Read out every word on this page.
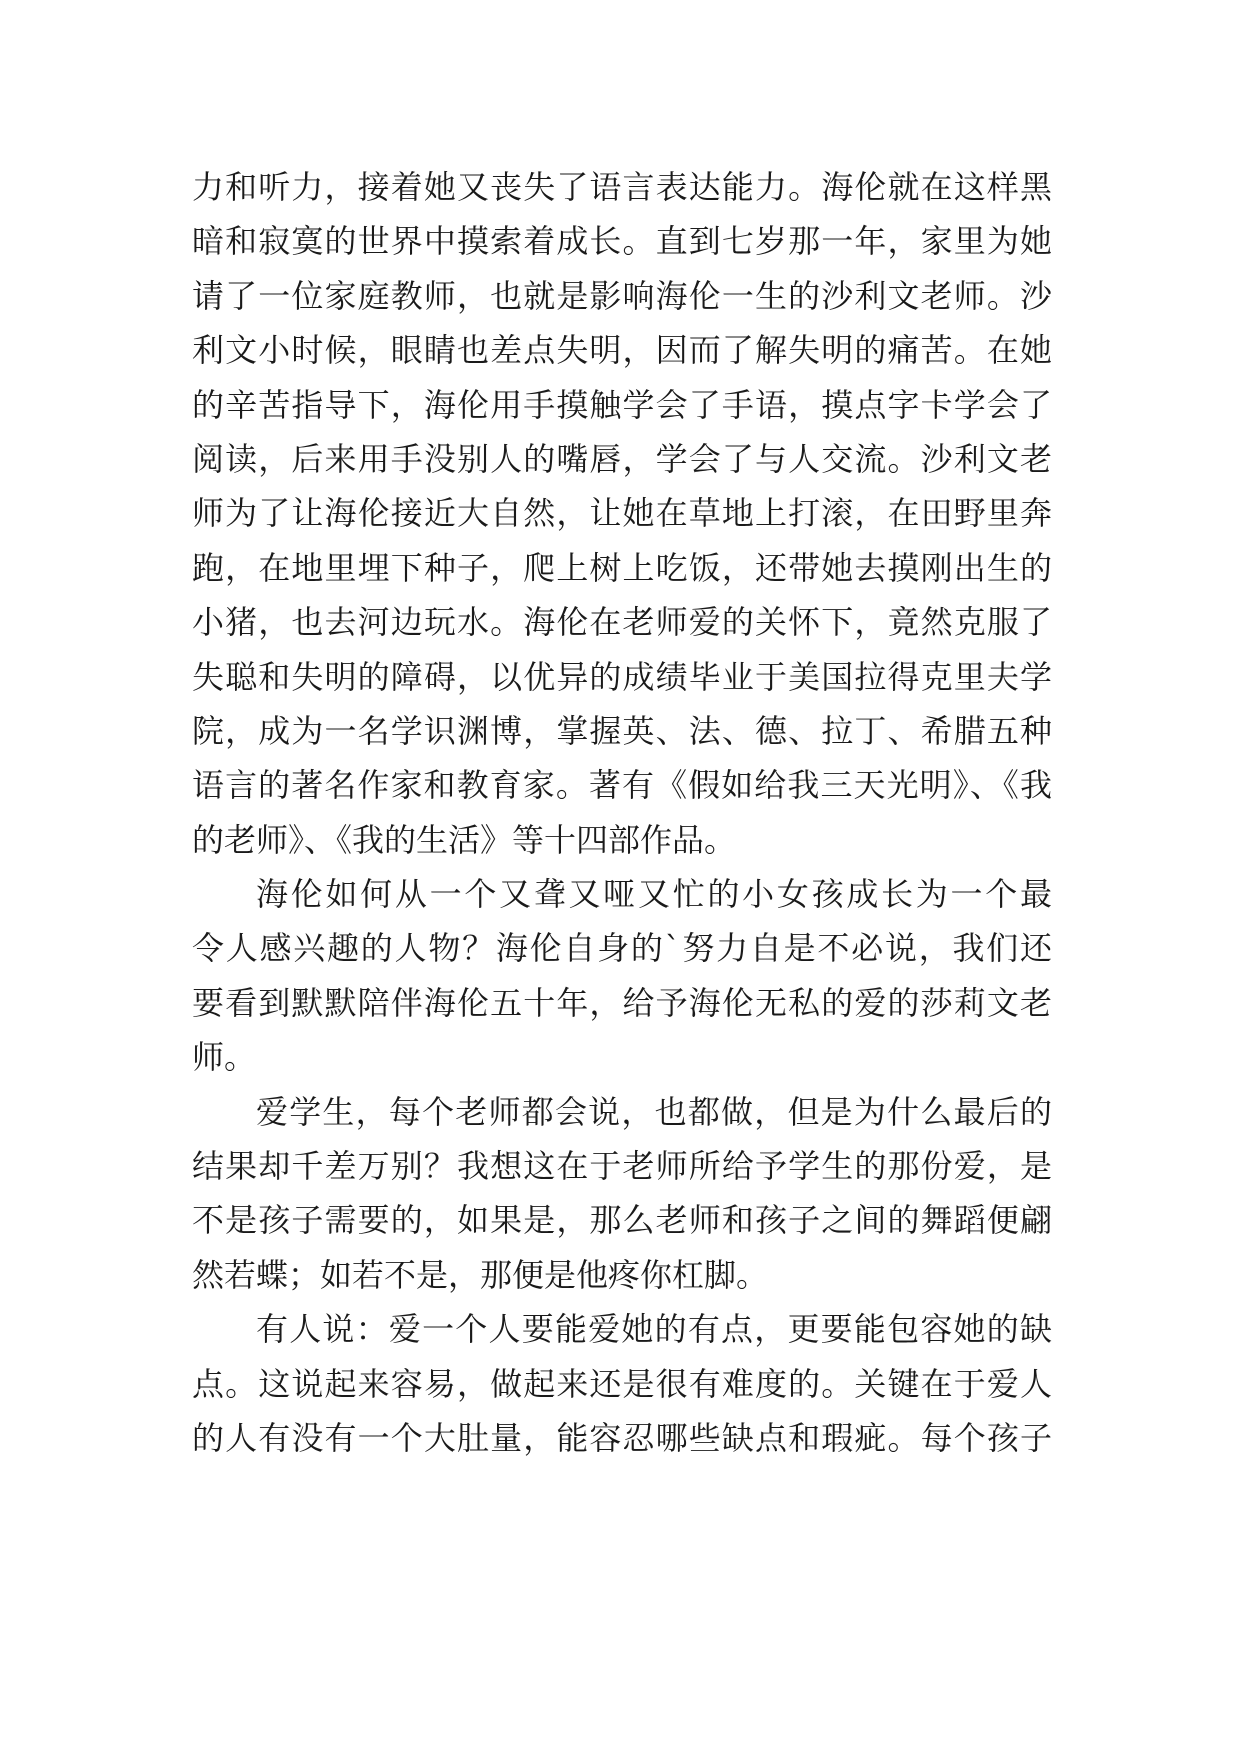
力和听力，接着她又丧失了语言表达能力。海伦就在这样黑
暗和寂寞的世界中摸索着成长。直到七岁那一年，家里为她
请了一位家庭教师，也就是影响海伦一生的沙利文老师。沙
利文小时候，眼睛也差点失明，因而了解失明的痛苦。在她
的辛苦指导下，海伦用手摸触学会了手语，摸点字卡学会了
阅读，后来用手没别人的嘴唇，学会了与人交流。沙利文老
师为了让海伦接近大自然，让她在草地上打滚，在田野里奔
跑，在地里埋下种子，爬上树上吃饭，还带她去摸刚出生的
小猪，也去河边玩水。海伦在老师爱的关怀下，竟然克服了
失聪和失明的障碍，以优异的成绩毕业于美国拉得克里夫学
院，成为一名学识渊博，掌握英、法、德、拉丁、希腊五种
语言的著名作家和教育家。著有《假如给我三天光明》、《我
的老师》、《我的生活》等十四部作品。
海伦如何从一个又聋又哑又忙的小女孩成长为一个最
令人感兴趣的人物？海伦自身的`努力自是不必说，我们还
要看到默默陪伴海伦五十年，给予海伦无私的爱的莎莉文老
师。
爱学生，每个老师都会说，也都做，但是为什么最后的
结果却千差万别？我想这在于老师所给予学生的那份爱，是
不是孩子需要的，如果是，那么老师和孩子之间的舞蹈便翩
然若蝶；如若不是，那便是他疼你杠脚。
有人说：爱一个人要能爱她的有点，更要能包容她的缺
点。这说起来容易，做起来还是很有难度的。关键在于爱人
的人有没有一个大肚量，能容忍哪些缺点和瑕疵。每个孩子
